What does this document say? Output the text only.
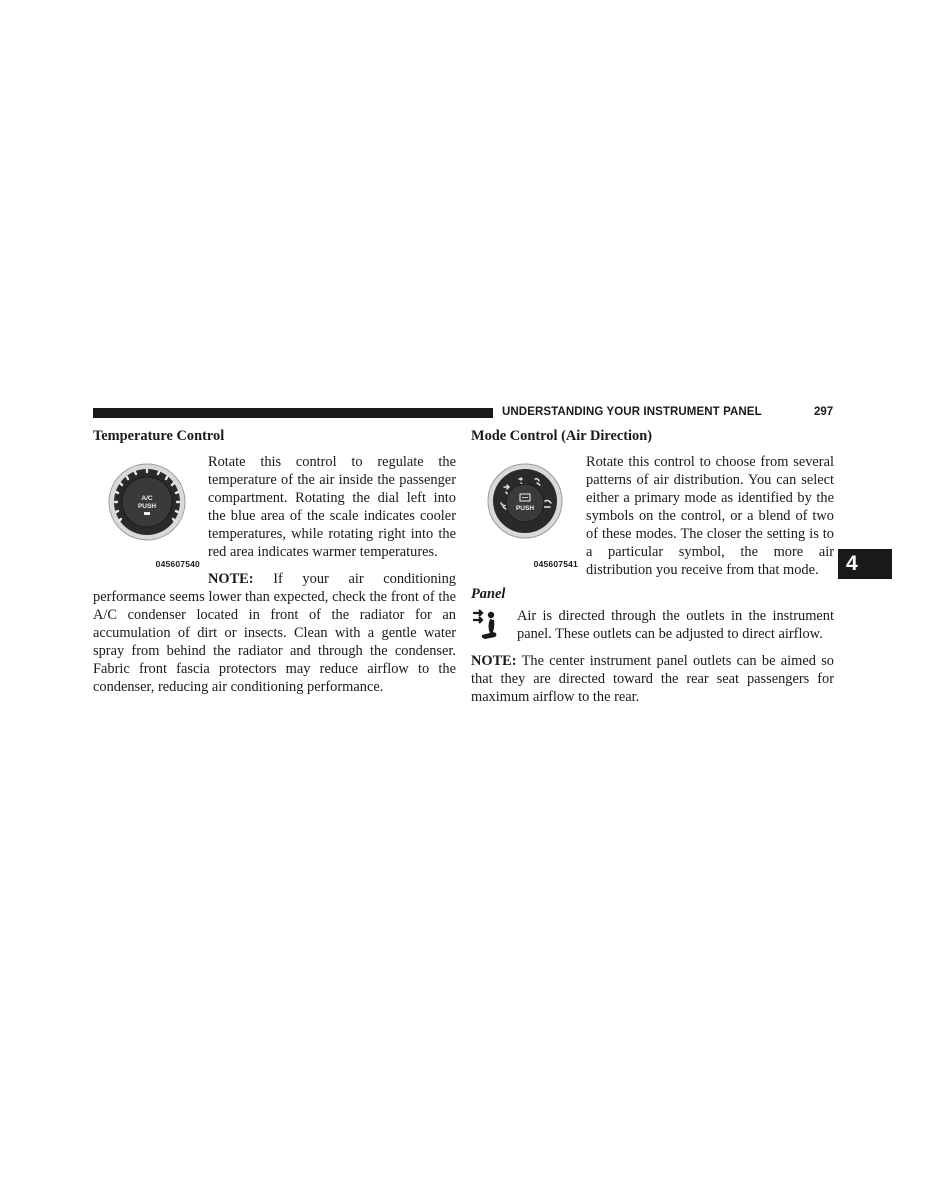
UNDERSTANDING YOUR INSTRUMENT PANEL	297
4
Temperature Control
A/C
PUSH
045607540

Rotate this control to regulate the temperature of the air inside the passenger compartment. Rotating the dial left into the blue area of the scale indicates cooler temperatures, while rotating right into the red area indicates warmer temperatures.

NOTE: If your air conditioning performance seems lower than expected, check the front of the A/C condenser located in front of the radiator for an accumulation of dirt or insects. Clean with a gentle water spray from behind the radiator and through the condenser. Fabric front fascia protectors may reduce airflow to the condenser, reducing air conditioning performance.

Mode Control (Air Direction)
PUSH
045607541

Rotate this control to choose from several patterns of air distribution. You can select either a primary mode as identified by the symbols on the control, or a blend of two of these modes. The closer the setting is to a particular symbol, the more air distribution you receive from that mode.

Panel

Air is directed through the outlets in the instrument panel. These outlets can be adjusted to direct airflow.

NOTE: The center instrument panel outlets can be aimed so that they are directed toward the rear seat passengers for maximum airflow to the rear.
